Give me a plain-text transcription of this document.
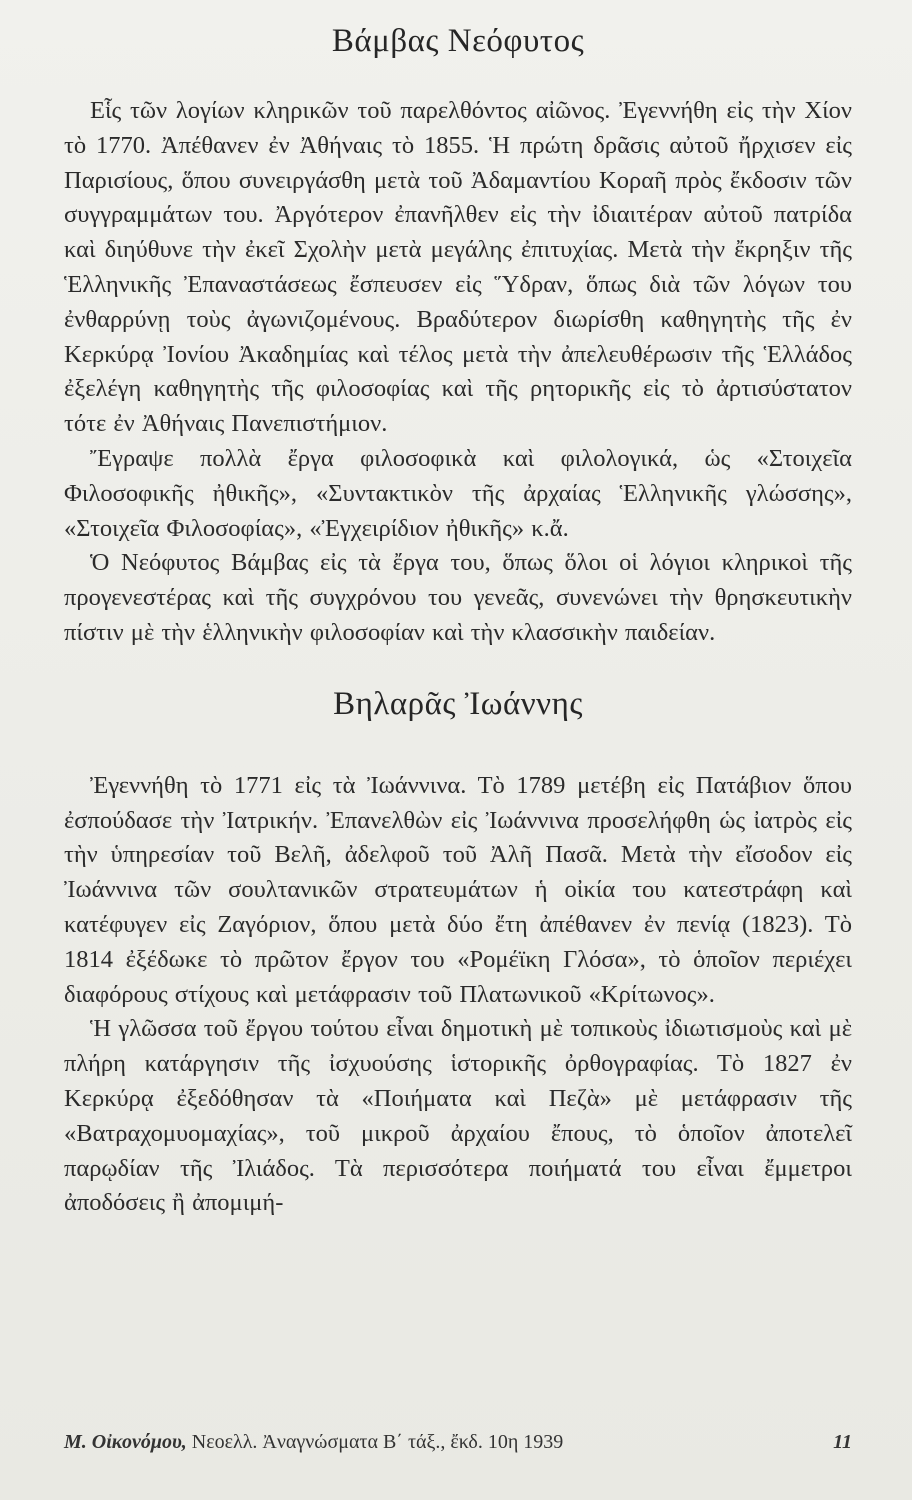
Βάμβας Νεόφυτος

Εἷς τῶν λογίων κληρικῶν τοῦ παρελθόντος αἰῶνος. Ἐγεννήθη εἰς τὴν Χίον τὸ 1770. Ἀπέθανεν ἐν Ἀθήναις τὸ 1855. Ἡ πρώτη δρᾶσις αὐτοῦ ἤρχισεν εἰς Παρισίους, ὅπου συνειργάσθη μετὰ τοῦ Ἀδαμαντίου Κοραῆ πρὸς ἔκδοσιν τῶν συγγραμμάτων του. Ἀργότερον ἐπανῆλθεν εἰς τὴν ἰδιαιτέραν αὐτοῦ πατρίδα καὶ διηύθυνε τὴν ἐκεῖ Σχολὴν μετὰ μεγάλης ἐπιτυχίας. Μετὰ τὴν ἔκρηξιν τῆς Ἑλληνικῆς Ἐπαναστάσεως ἔσπευσεν εἰς Ὕδραν, ὅπως διὰ τῶν λόγων του ἐνθαρρύνῃ τοὺς ἀγωνιζομένους. Βραδύτερον διωρίσθη καθηγητὴς τῆς ἐν Κερκύρᾳ Ἰονίου Ἀκαδημίας καὶ τέλος μετὰ τὴν ἀπελευθέρωσιν τῆς Ἑλλάδος ἐξελέγη καθηγητὴς τῆς φιλοσοφίας καὶ τῆς ρητορικῆς εἰς τὸ ἀρτισύστατον τότε ἐν Ἀθήναις Πανεπιστήμιον.

Ἔγραψε πολλὰ ἔργα φιλοσοφικὰ καὶ φιλολογικά, ὡς «Στοιχεῖα Φιλοσοφικῆς ἠθικῆς», «Συντακτικὸν τῆς ἀρχαίας Ἑλληνικῆς γλώσσης», «Στοιχεῖα Φιλοσοφίας», «Ἐγχειρίδιον ἠθικῆς» κ.ἄ.

Ὁ Νεόφυτος Βάμβας εἰς τὰ ἔργα του, ὅπως ὅλοι οἱ λόγιοι κληρικοὶ τῆς προγενεστέρας καὶ τῆς συγχρόνου του γενεᾶς, συνενώνει τὴν θρησκευτικὴν πίστιν μὲ τὴν ἑλληνικὴν φιλοσοφίαν καὶ τὴν κλασσικὴν παιδείαν.

Βηλαρᾶς Ἰωάννης

Ἐγεννήθη τὸ 1771 εἰς τὰ Ἰωάννινα. Τὸ 1789 μετέβη εἰς Πατάβιον ὅπου ἐσπούδασε τὴν Ἰατρικήν. Ἐπανελθὼν εἰς Ἰωάννινα προσελήφθη ὡς ἰατρὸς εἰς τὴν ὑπηρεσίαν τοῦ Βελῆ, ἀδελφοῦ τοῦ Ἀλῆ Πασᾶ. Μετὰ τὴν εἴσοδον εἰς Ἰωάννινα τῶν σουλτανικῶν στρατευμάτων ἡ οἰκία του κατεστράφη καὶ κατέφυγεν εἰς Ζαγόριον, ὅπου μετὰ δύο ἔτη ἀπέθανεν ἐν πενίᾳ (1823). Τὸ 1814 ἐξέδωκε τὸ πρῶτον ἔργον του «Ρομέϊκη Γλόσα», τὸ ὁποῖον περιέχει διαφόρους στίχους καὶ μετάφρασιν τοῦ Πλατωνικοῦ «Κρίτωνος».

Ἡ γλῶσσα τοῦ ἔργου τούτου εἶναι δημοτικὴ μὲ τοπικοὺς ἰδιωτισμοὺς καὶ μὲ πλήρη κατάργησιν τῆς ἰσχυούσης ἱστορικῆς ὀρθογραφίας. Τὸ 1827 ἐν Κερκύρᾳ ἐξεδόθησαν τὰ «Ποιήματα καὶ Πεζὰ» μὲ μετάφρασιν τῆς «Βατραχομυομαχίας», τοῦ μικροῦ ἀρχαίου ἔπους, τὸ ὁποῖον ἀποτελεῖ παρῳδίαν τῆς Ἰλιάδος. Τὰ περισσότερα ποιήματά του εἶναι ἔμμετροι ἀποδόσεις ἢ ἀπομιμή-

Μ. Οἰκονόμου, Νεοελλ. Ἀναγνώσματα Β΄ τάξ., ἔκδ. 10η 1939	11
